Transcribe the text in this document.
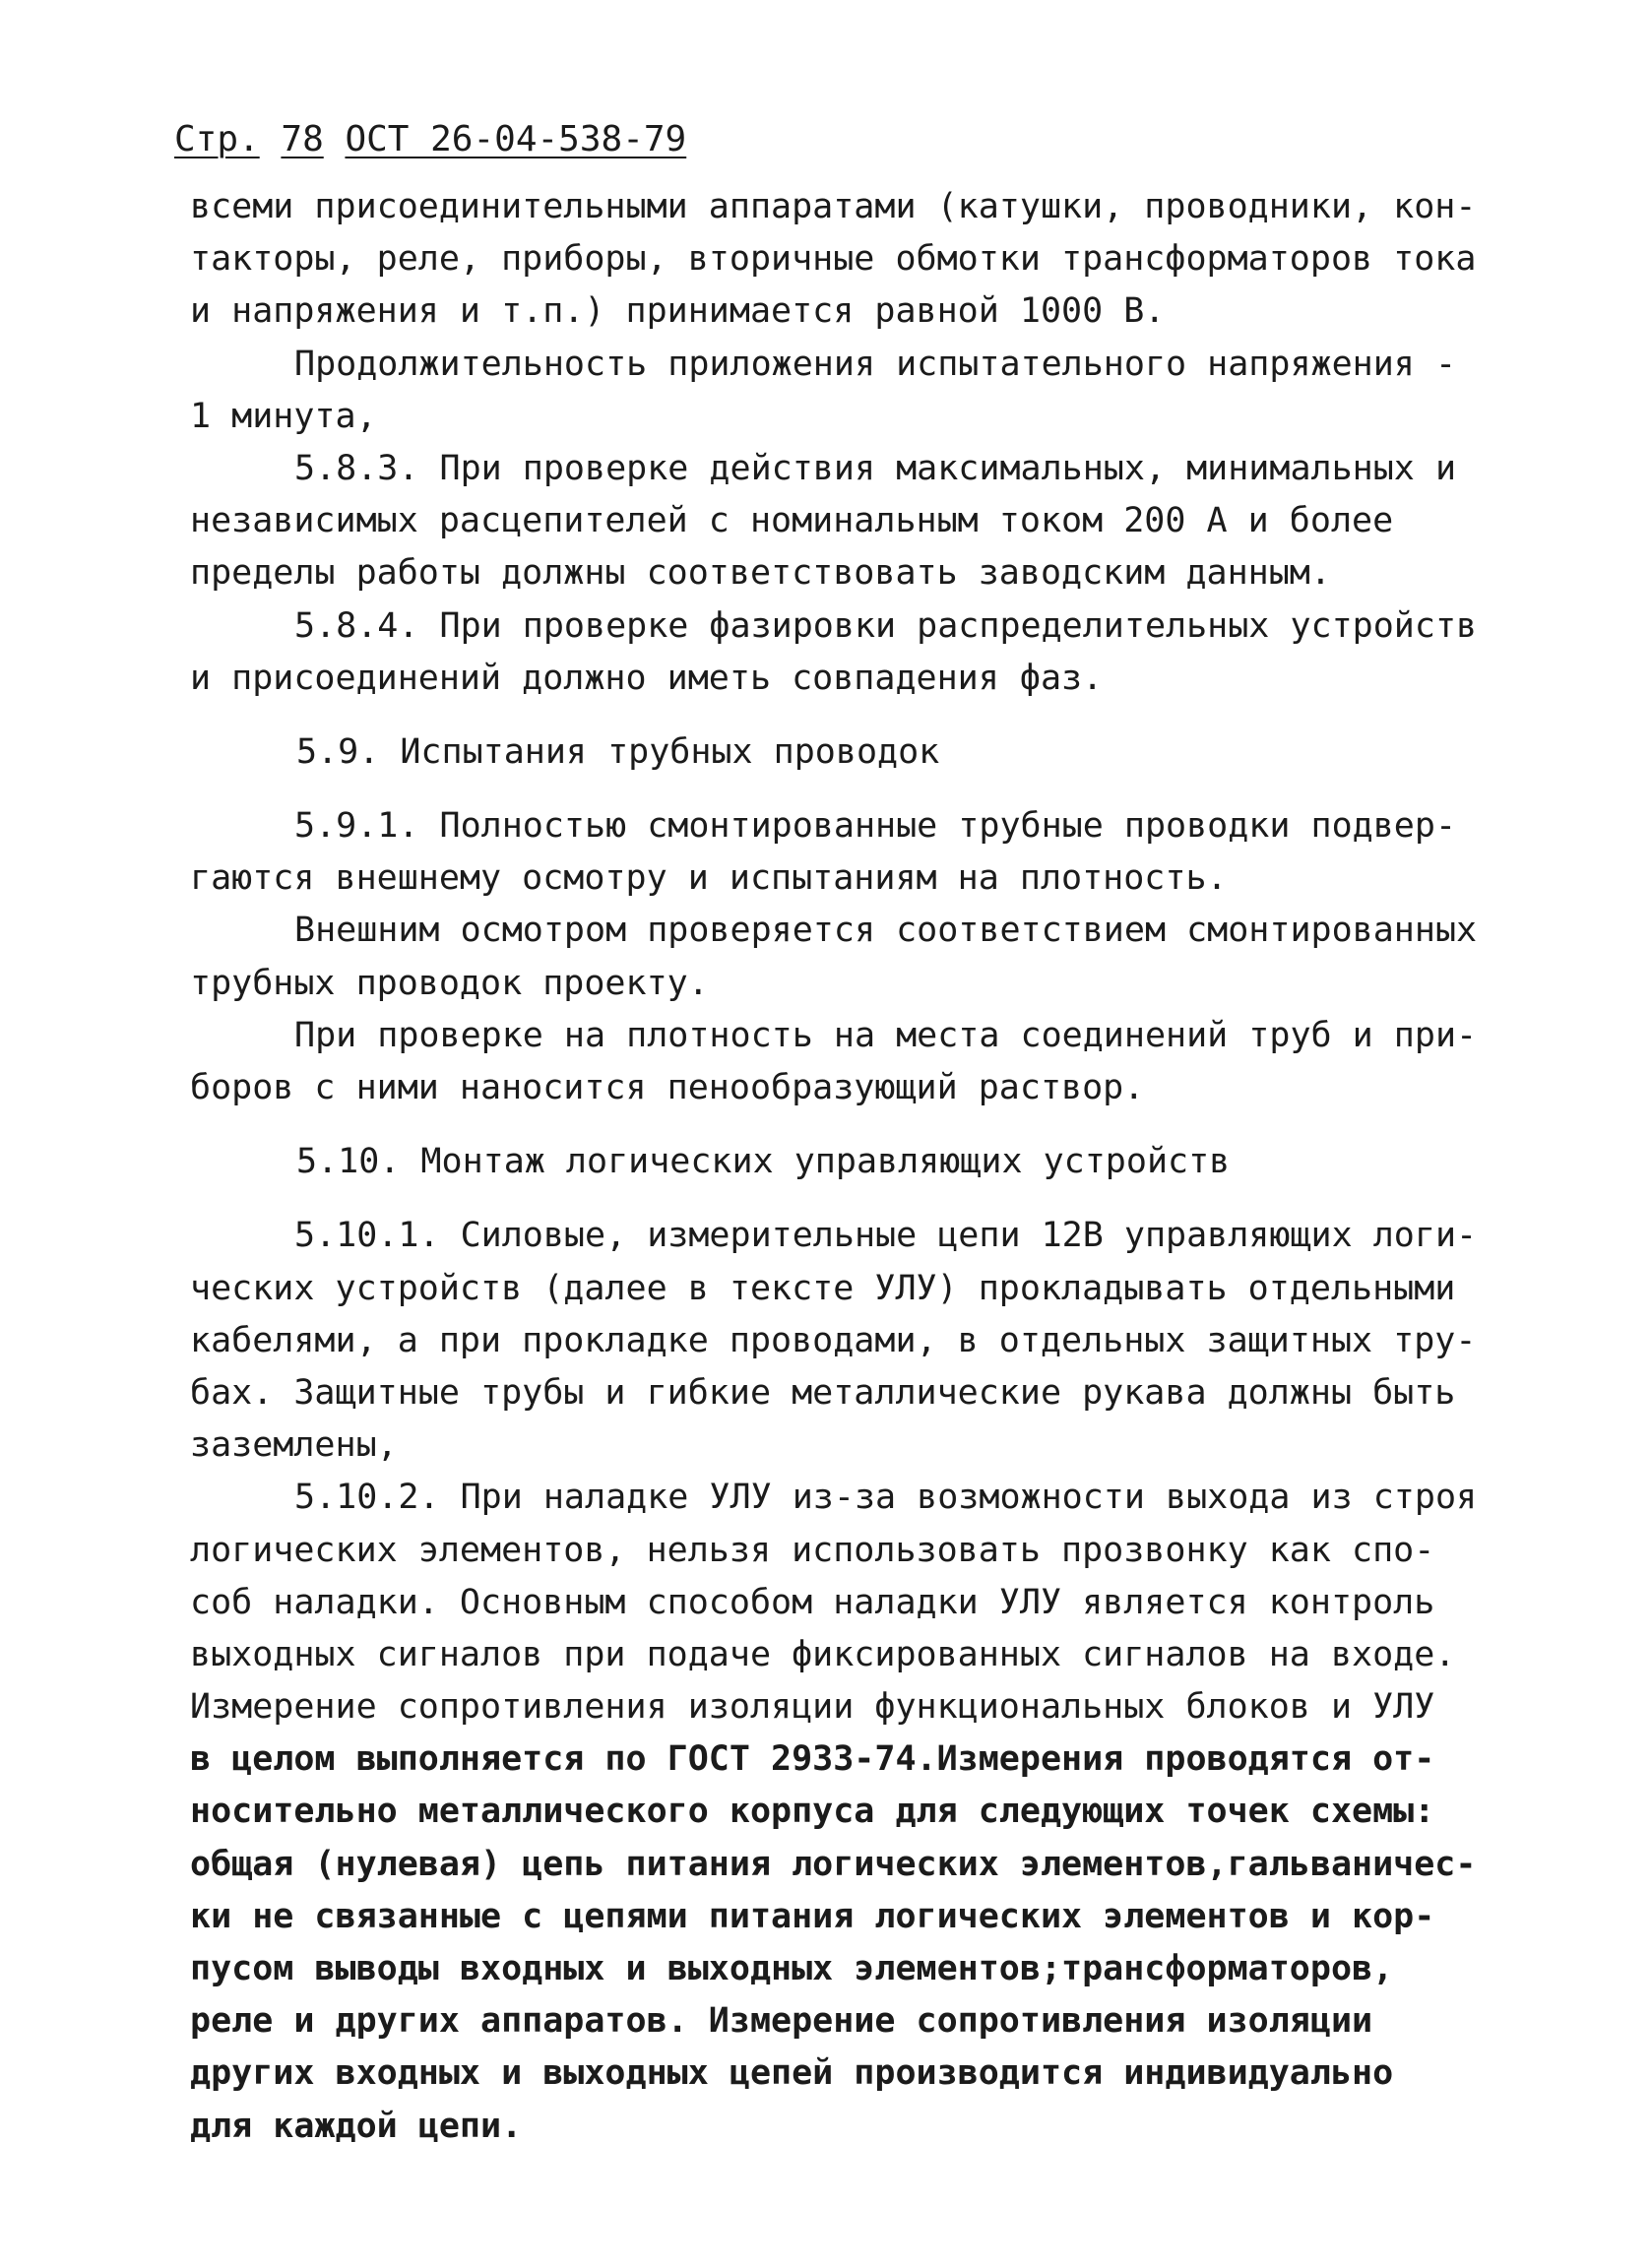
Стр. 78 ОСТ 26-04-538-79
всеми присоединительными аппаратами (катушки, проводники, кон-
такторы, реле, приборы, вторичные обмотки трансформаторов тока
и напряжения и т.п.) принимается равной 1000 В.
Продолжительность приложения испытательного напряжения -
1 минута,
5.8.3. При проверке действия максимальных, минимальных и
независимых расцепителей с номинальным током 200 А и более
пределы работы должны соответствовать заводским данным.
5.8.4. При проверке фазировки распределительных устройств
и присоединений должно иметь совпадения фаз.
5.9. Испытания трубных проводок
5.9.1. Полностью смонтированные трубные проводки подвер-
гаются внешнему осмотру и испытаниям на плотность.
Внешним осмотром проверяется соответствием смонтированных
трубных проводок проекту.
При проверке на плотность на места соединений труб и при-
боров с ними наносится пенообразующий раствор.
5.10. Монтаж логических управляющих устройств
5.10.1. Силовые, измерительные цепи 12В управляющих логи-
ческих устройств (далее в тексте УЛУ) прокладывать отдельными
кабелями, а при прокладке проводами, в отдельных защитных тру-
бах. Защитные трубы и гибкие металлические рукава должны быть
заземлены,
5.10.2. При наладке УЛУ из-за возможности выхода из строя
логических элементов, нельзя использовать прозвонку как спо-
соб наладки. Основным способом наладки УЛУ является контроль
выходных сигналов при подаче фиксированных сигналов на входе.
Измерение сопротивления изоляции функциональных блоков и УЛУ
в целом выполняется по ГОСТ 2933-74.Измерения проводятся от-
носительно металлического корпуса для следующих точек схемы:
общая (нулевая) цепь питания логических элементов,гальваничес-
ки не связанные с цепями питания логических элементов и кор-
пусом выводы входных и выходных элементов;трансформаторов,
реле и других аппаратов. Измерение сопротивления изоляции
других входных и выходных цепей производится индивидуально
для каждой цепи.
